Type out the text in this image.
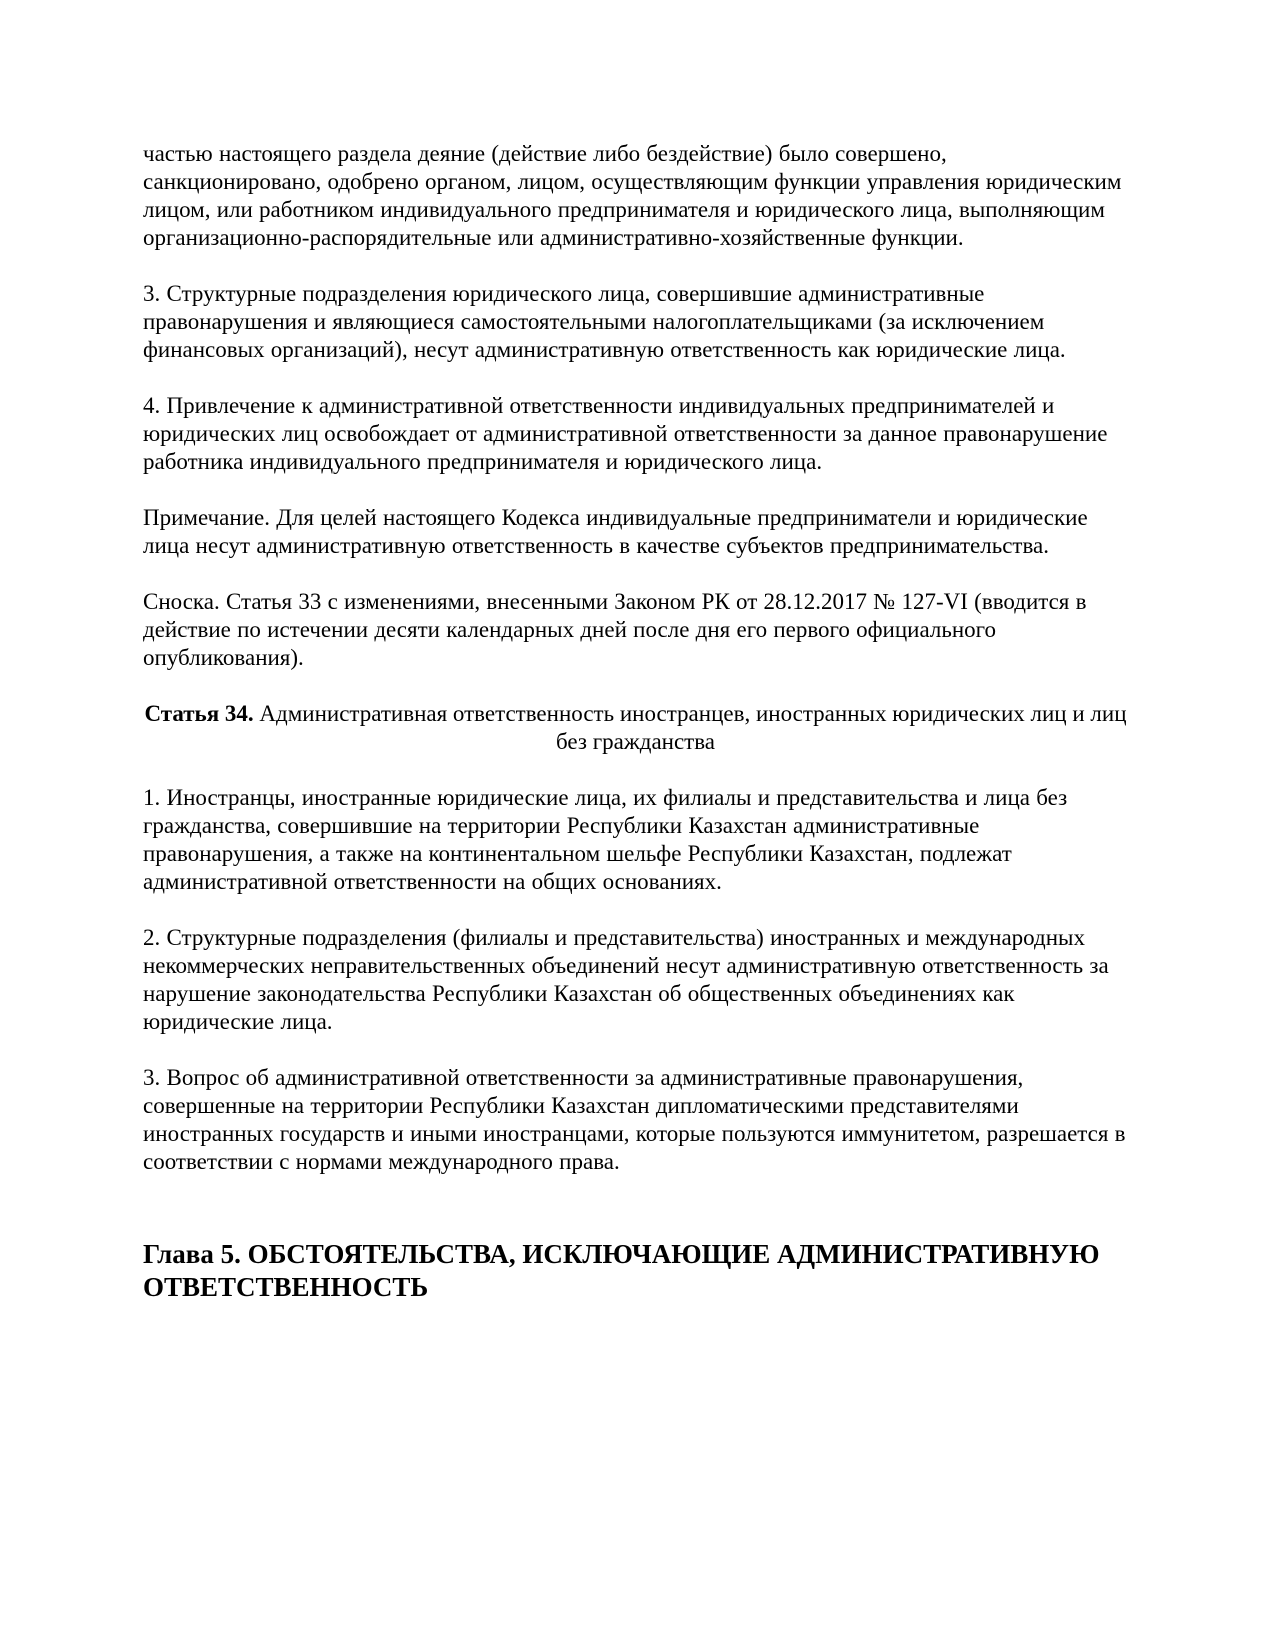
частью настоящего раздела деяние (действие либо бездействие) было совершено, санкционировано, одобрено органом, лицом, осуществляющим функции управления юридическим лицом, или работником индивидуального предпринимателя и юридического лица, выполняющим организационно-распорядительные или административно-хозяйственные функции.

3. Структурные подразделения юридического лица, совершившие административные правонарушения и являющиеся самостоятельными налогоплательщиками (за исключением финансовых организаций), несут административную ответственность как юридические лица.

4. Привлечение к административной ответственности индивидуальных предпринимателей и юридических лиц освобождает от административной ответственности за данное правонарушение работника индивидуального предпринимателя и юридического лица.

Примечание. Для целей настоящего Кодекса индивидуальные предприниматели и юридические лица несут административную ответственность в качестве субъектов предпринимательства.

Сноска. Статья 33 с изменениями, внесенными Законом РК от 28.12.2017 № 127-VI (вводится в действие по истечении десяти календарных дней после дня его первого официального опубликования).

Статья 34. Административная ответственность иностранцев, иностранных юридических лиц и лиц без гражданства

1. Иностранцы, иностранные юридические лица, их филиалы и представительства и лица без гражданства, совершившие на территории Республики Казахстан административные правонарушения, а также на континентальном шельфе Республики Казахстан, подлежат административной ответственности на общих основаниях.

2. Структурные подразделения (филиалы и представительства) иностранных и международных некоммерческих неправительственных объединений несут административную ответственность за нарушение законодательства Республики Казахстан об общественных объединениях как юридические лица.

3. Вопрос об административной ответственности за административные правонарушения, совершенные на территории Республики Казахстан дипломатическими представителями иностранных государств и иными иностранцами, которые пользуются иммунитетом, разрешается в соответствии с нормами международного права.

Глава 5. ОБСТОЯТЕЛЬСТВА, ИСКЛЮЧАЮЩИЕ АДМИНИСТРАТИВНУЮ ОТВЕТСТВЕННОСТЬ
